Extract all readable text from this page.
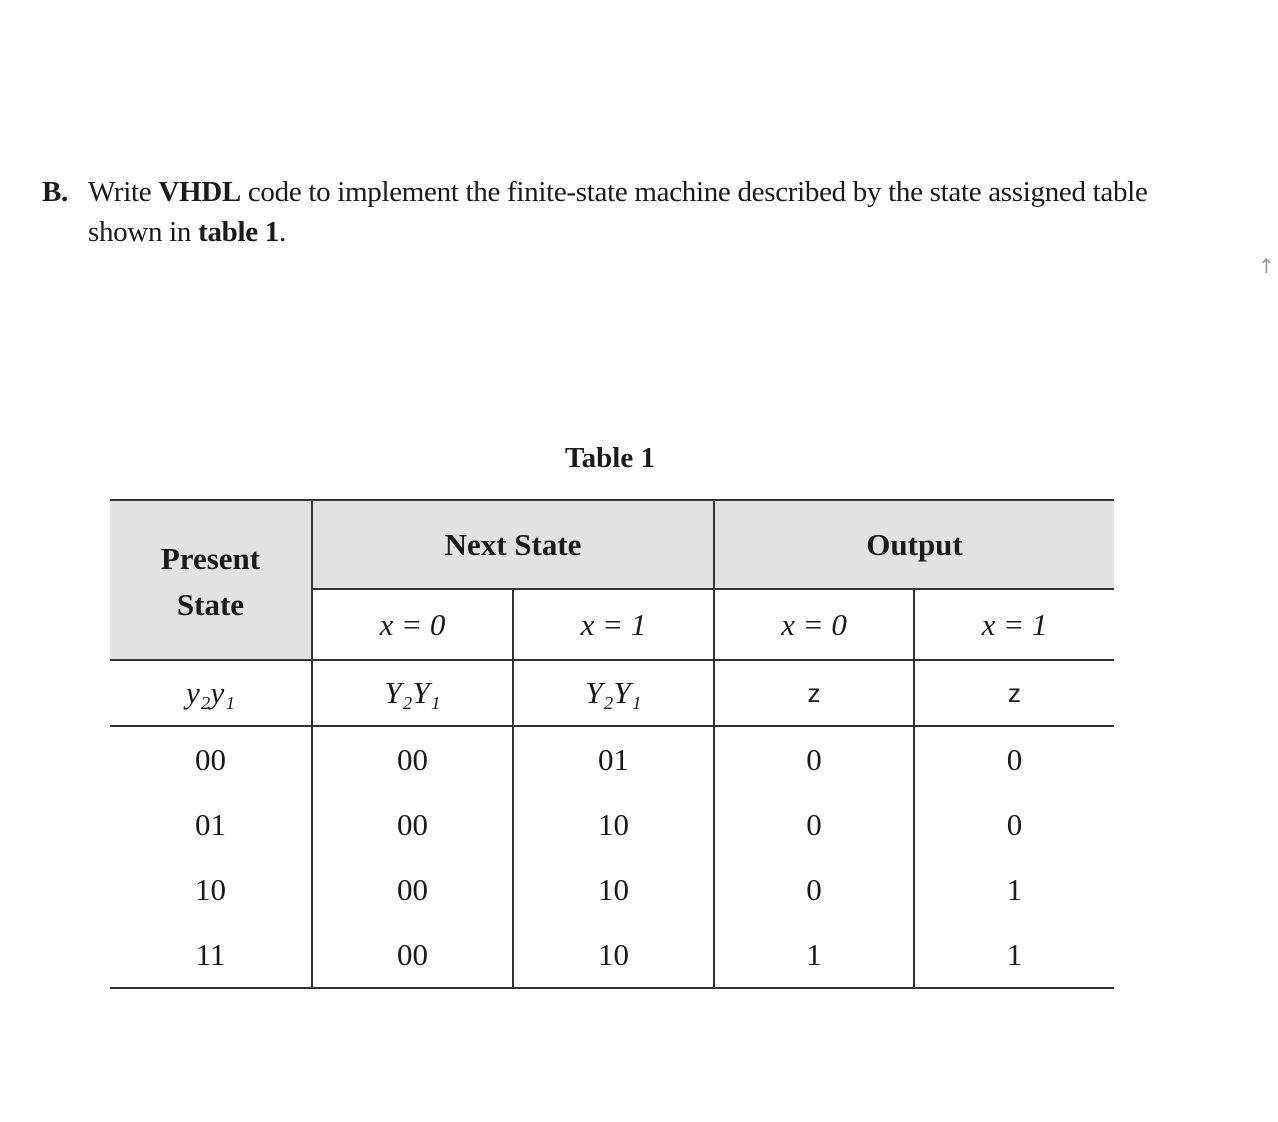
B. Write VHDL code to implement the finite-state machine described by the state assigned table
shown in table 1.
↑
Table 1
Present
State	Next State		Output	
	x = 0	x = 1	x = 0	x = 1
y₂y₁	Y₂Y₁	Y₂Y₁	z	z
00	00	01	0	0
01	00	10	0	0
10	00	10	0	1
11	00	10	1	1
